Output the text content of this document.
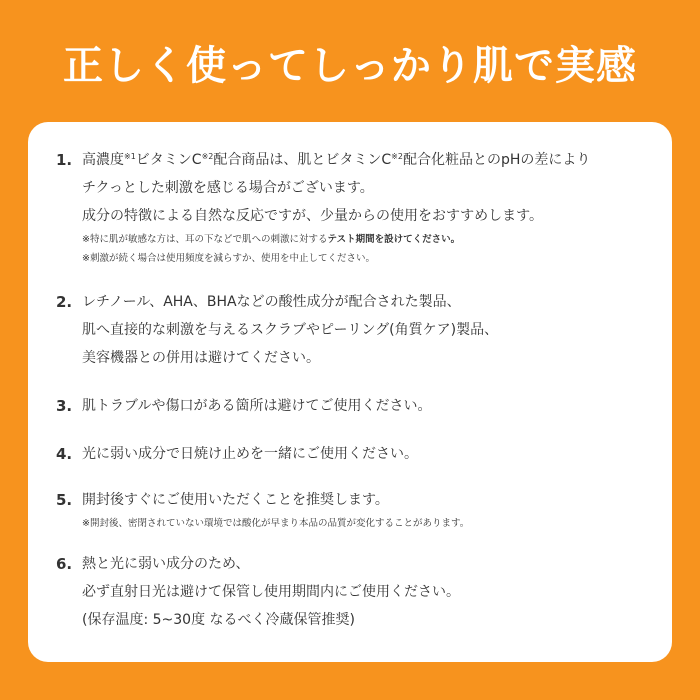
正しく使ってしっかり肌で実感
1. 高濃度$^{※1}$ビタミン$C^{※2}$配合商品は、肌とビタミン$C^{※2}$配合化粧品とのpHの差により
チクっとした刺激を感じる場合がございます。
成分の特徴による自然な反応ですが、少量からの使用をおすすめします。
※特に肌が敏感な方は、耳の下などで肌への刺激に対するテスト期間を設けてください。
※刺激が続く場合は使用頻度を減らすか、使用を中止してください。
2. レチノール、AHA、BHAなどの酸性成分が配合された製品、
肌へ直接的な刺激を与えるスクラブやピーリング(角質ケア)製品、
美容機器との併用は避けてください。
3. 肌トラブルや傷口がある箇所は避けてご使用ください。
4. 光に弱い成分で日焼け止めを一緒にご使用ください。
5. 開封後すぐにご使用いただくことを推奨します。
※開封後、密閉されていない環境では酸化が早まり本品の品質が変化することがあります。
6. 熱と光に弱い成分のため、
必ず直射日光は避けて保管し使用期間内にご使用ください。
(保存温度: 5~30度 なるべく冷蔵保管推奨)
